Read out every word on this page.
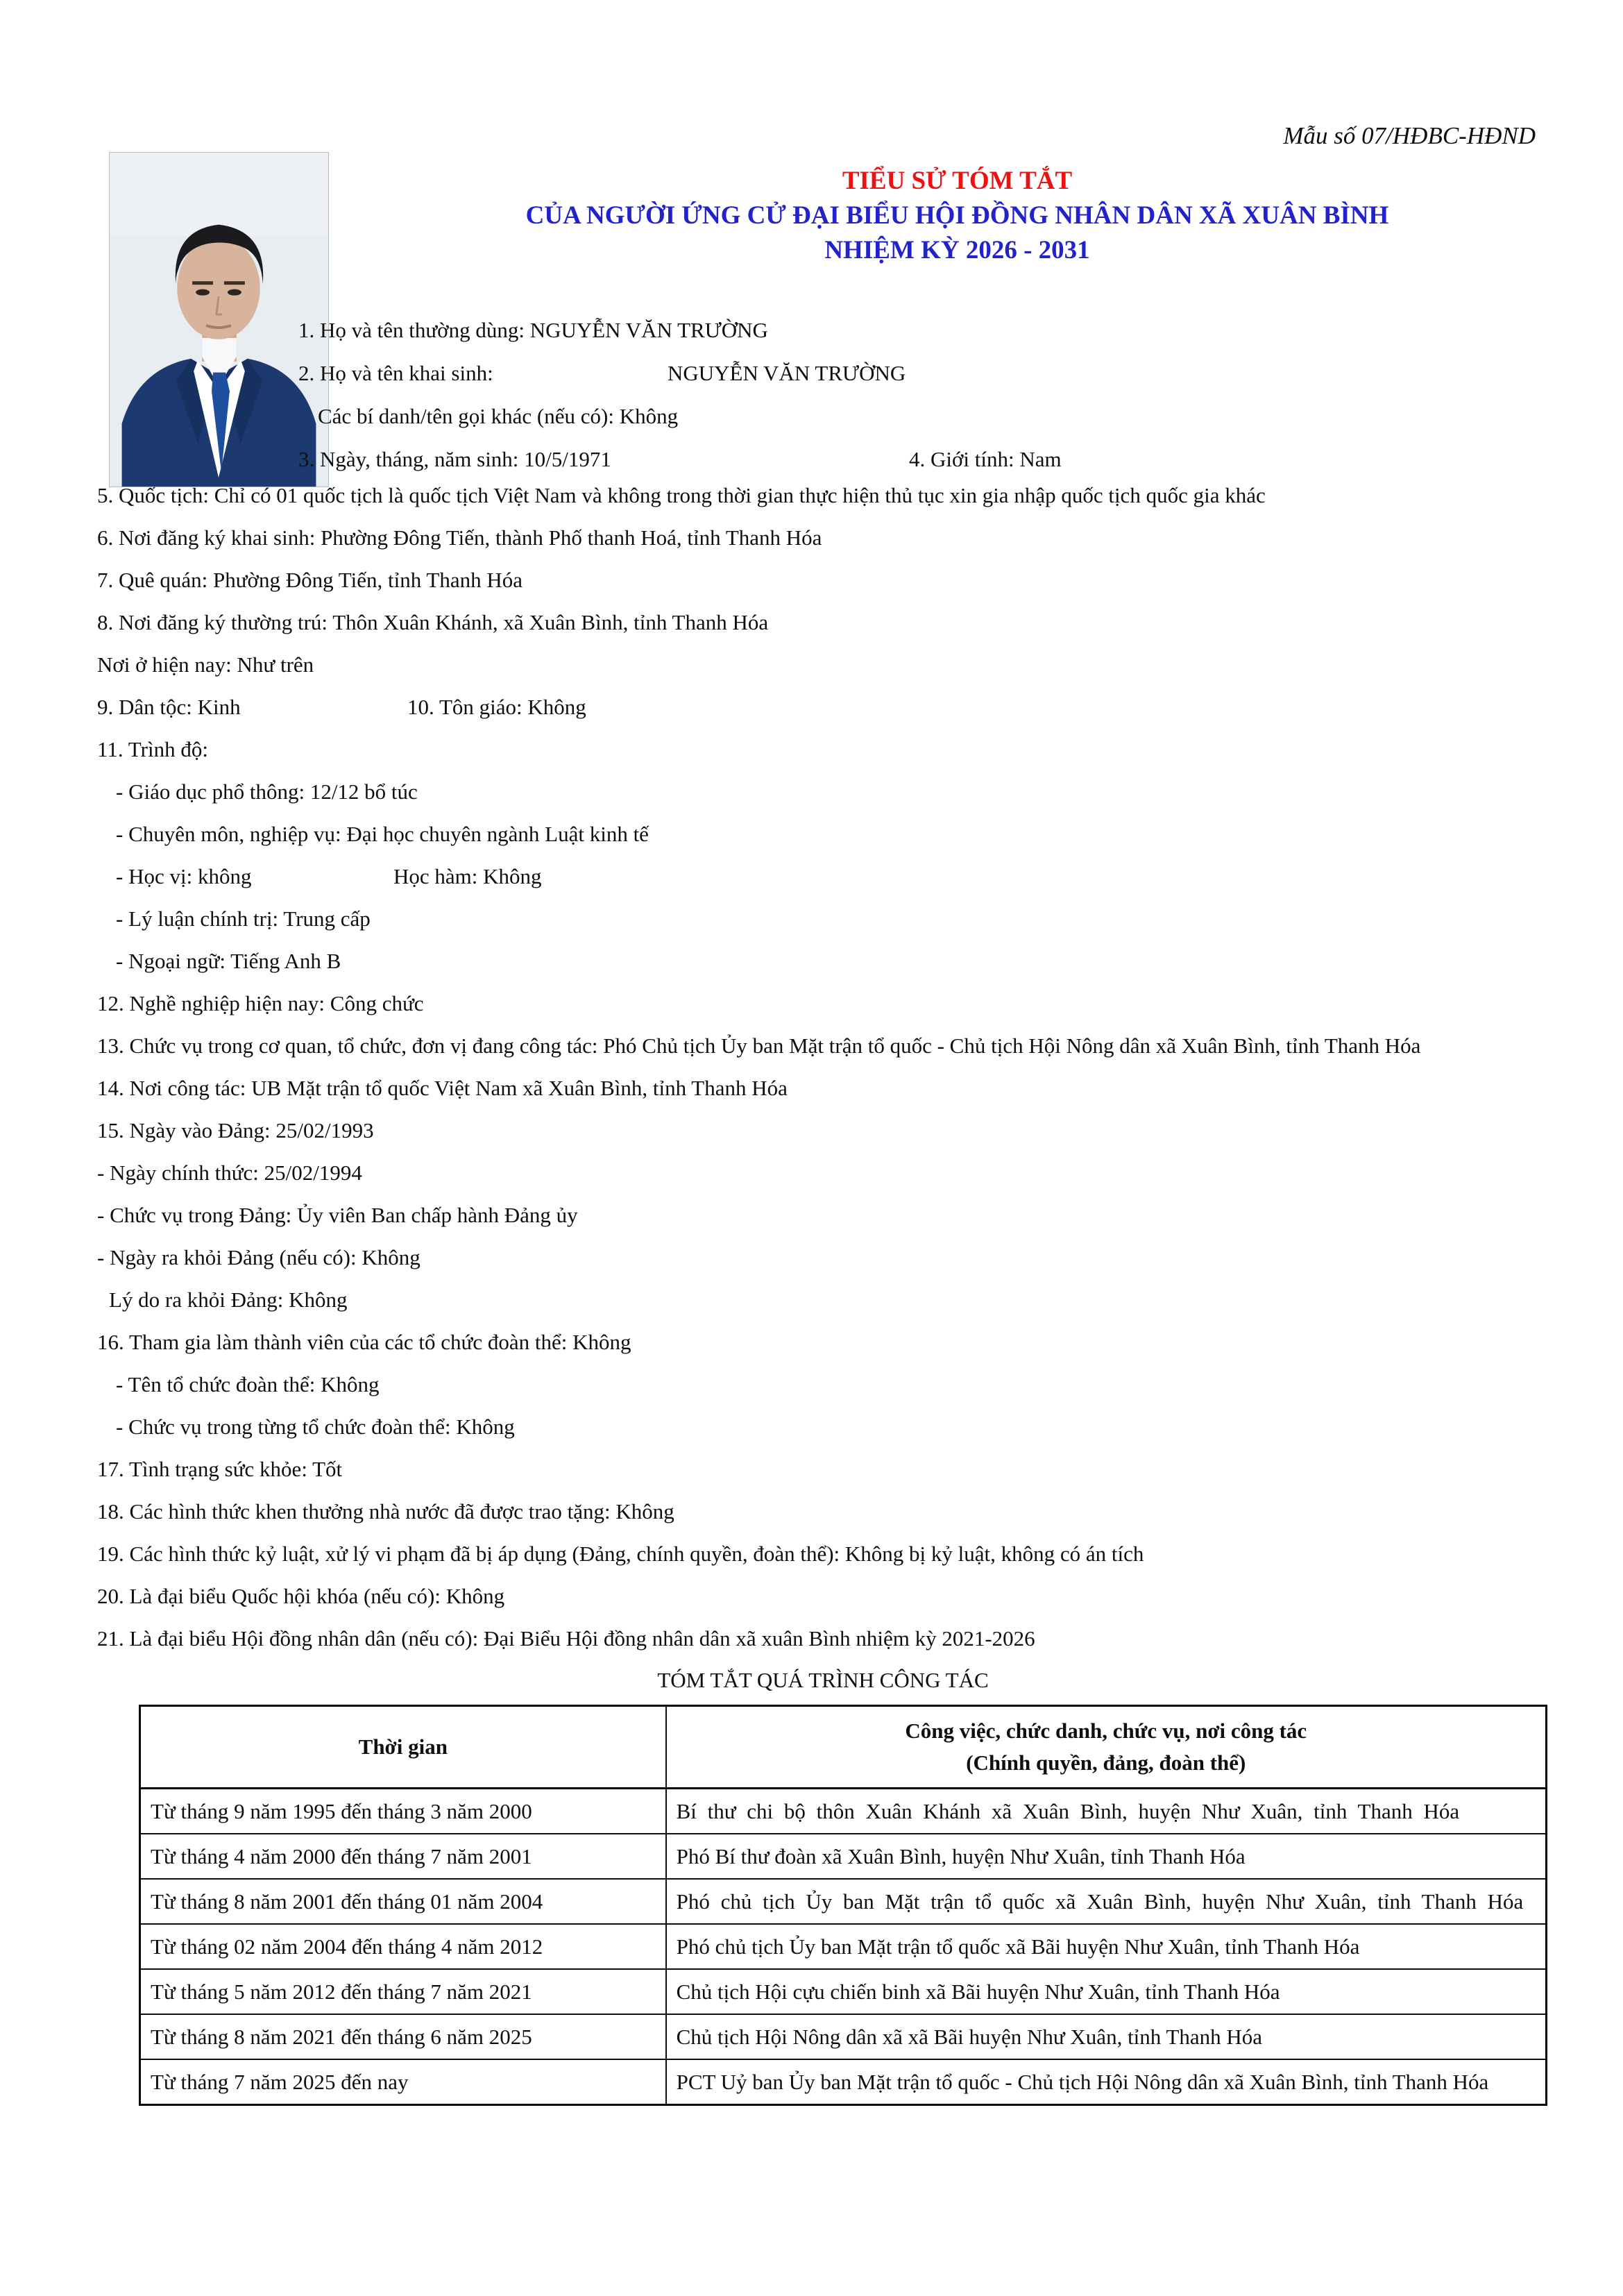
Mẫu số 07/HĐBC-HĐND
TIỂU SỬ TÓM TẮT
CỦA NGƯỜI ỨNG CỬ ĐẠI BIỂU HỘI ĐỒNG NHÂN DÂN XÃ XUÂN BÌNH
NHIỆM KỲ 2026 - 2031
1. Họ và tên thường dùng: NGUYỄN VĂN TRƯỜNG
2. Họ và tên khai sinh:	NGUYỄN VĂN TRƯỜNG
Các bí danh/tên gọi khác (nếu có): Không
3. Ngày, tháng, năm sinh: 10/5/1971	4. Giới tính: Nam
5. Quốc tịch: Chỉ có 01 quốc tịch là quốc tịch Việt Nam và không trong thời gian thực hiện thủ tục xin gia nhập quốc tịch quốc gia khác
6. Nơi đăng ký khai sinh: Phường Đông Tiến, thành Phố thanh Hoá, tỉnh Thanh Hóa
7. Quê quán: Phường Đông Tiến, tỉnh Thanh Hóa
8. Nơi đăng ký thường trú: Thôn Xuân Khánh, xã Xuân Bình, tỉnh Thanh Hóa
Nơi ở hiện nay: Như trên
9. Dân tộc: Kinh	10. Tôn giáo: Không
11. Trình độ:
- Giáo dục phổ thông: 12/12 bổ túc
- Chuyên môn, nghiệp vụ: Đại học chuyên ngành Luật kinh tế
- Học vị: không	Học hàm: Không
- Lý luận chính trị: Trung cấp
- Ngoại ngữ: Tiếng Anh B
12. Nghề nghiệp hiện nay: Công chức
13. Chức vụ trong cơ quan, tổ chức, đơn vị đang công tác: Phó Chủ tịch Ủy ban Mặt trận tổ quốc - Chủ tịch Hội Nông dân xã Xuân Bình, tỉnh Thanh Hóa
14. Nơi công tác: UB Mặt trận tổ quốc Việt Nam xã Xuân Bình, tỉnh Thanh Hóa
15. Ngày vào Đảng: 25/02/1993
- Ngày chính thức: 25/02/1994
- Chức vụ trong Đảng: Ủy viên Ban chấp hành Đảng ủy
- Ngày ra khỏi Đảng (nếu có): Không
Lý do ra khỏi Đảng: Không
16. Tham gia làm thành viên của các tổ chức đoàn thể: Không
- Tên tổ chức đoàn thể: Không
- Chức vụ trong từng tổ chức đoàn thể: Không
17. Tình trạng sức khỏe: Tốt
18. Các hình thức khen thưởng nhà nước đã được trao tặng: Không
19. Các hình thức kỷ luật, xử lý vi phạm đã bị áp dụng (Đảng, chính quyền, đoàn thể): Không bị kỷ luật, không có án tích
20. Là đại biểu Quốc hội khóa (nếu có): Không
21. Là đại biểu Hội đồng nhân dân (nếu có): Đại Biểu Hội đồng nhân dân xã xuân Bình nhiệm kỳ 2021-2026
TÓM TẮT QUÁ TRÌNH CÔNG TÁC
Thời gian	Công việc, chức danh, chức vụ, nơi công tác
(Chính quyền, đảng, đoàn thể)

Từ tháng 9 năm 1995 đến tháng 3 năm 2000	Bí thư chi bộ thôn Xuân Khánh xã Xuân Bình, huyện Như Xuân, tỉnh Thanh Hóa
Từ tháng 4 năm 2000 đến tháng 7 năm 2001	Phó Bí thư đoàn xã Xuân Bình, huyện Như Xuân, tỉnh Thanh Hóa
Từ tháng 8 năm 2001 đến tháng 01 năm 2004	Phó chủ tịch Ủy ban Mặt trận tổ quốc xã Xuân Bình, huyện Như Xuân, tỉnh Thanh Hóa
Từ tháng 02 năm 2004 đến tháng 4 năm 2012	Phó chủ tịch Ủy ban Mặt trận tổ quốc xã Bãi huyện Như Xuân, tỉnh Thanh Hóa
Từ tháng 5 năm 2012 đến tháng 7 năm 2021	Chủ tịch Hội cựu chiến binh xã Bãi huyện Như Xuân, tỉnh Thanh Hóa
Từ tháng 8 năm 2021 đến tháng 6 năm 2025	Chủ tịch Hội Nông dân xã xã Bãi huyện Như Xuân, tỉnh Thanh Hóa
Từ tháng 7 năm 2025 đến nay	PCT Uỷ ban Ủy ban Mặt trận tổ quốc - Chủ tịch Hội Nông dân xã Xuân Bình, tỉnh Thanh Hóa
